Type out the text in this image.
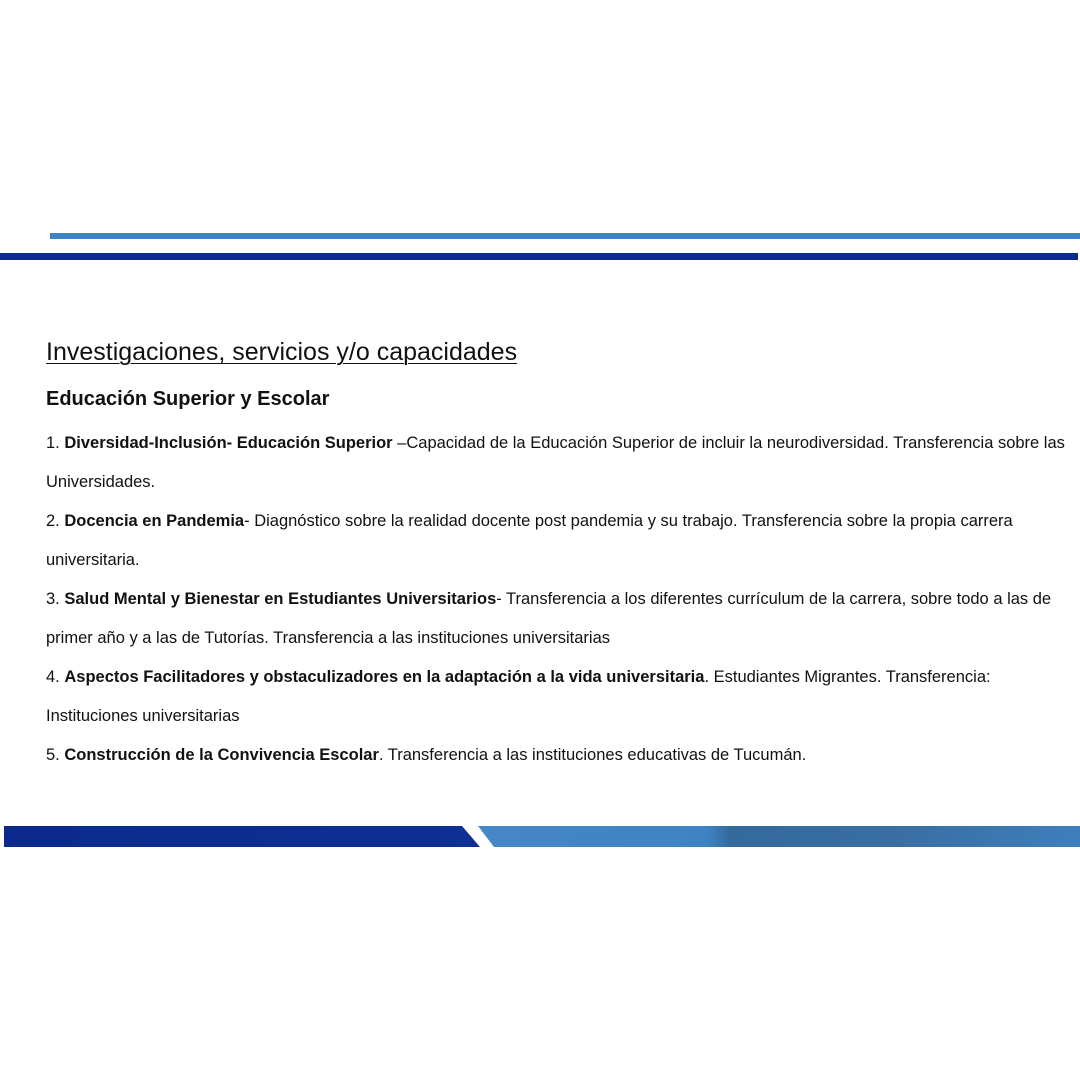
Investigaciones, servicios y/o capacidades
Educación Superior y Escolar
1. Diversidad-Inclusión- Educación Superior –Capacidad de la Educación Superior de incluir la neurodiversidad. Transferencia sobre las Universidades.
2. Docencia en Pandemia- Diagnóstico sobre la realidad docente post pandemia y su trabajo. Transferencia sobre la propia carrera universitaria.
3. Salud Mental y Bienestar en Estudiantes Universitarios- Transferencia a los diferentes currículum de la carrera, sobre todo a las de primer año y a las de Tutorías. Transferencia a las instituciones universitarias
4. Aspectos Facilitadores y obstaculizadores en la adaptación a la vida universitaria. Estudiantes Migrantes. Transferencia: Instituciones universitarias
5. Construcción de la Convivencia Escolar. Transferencia a las instituciones educativas de Tucumán.
